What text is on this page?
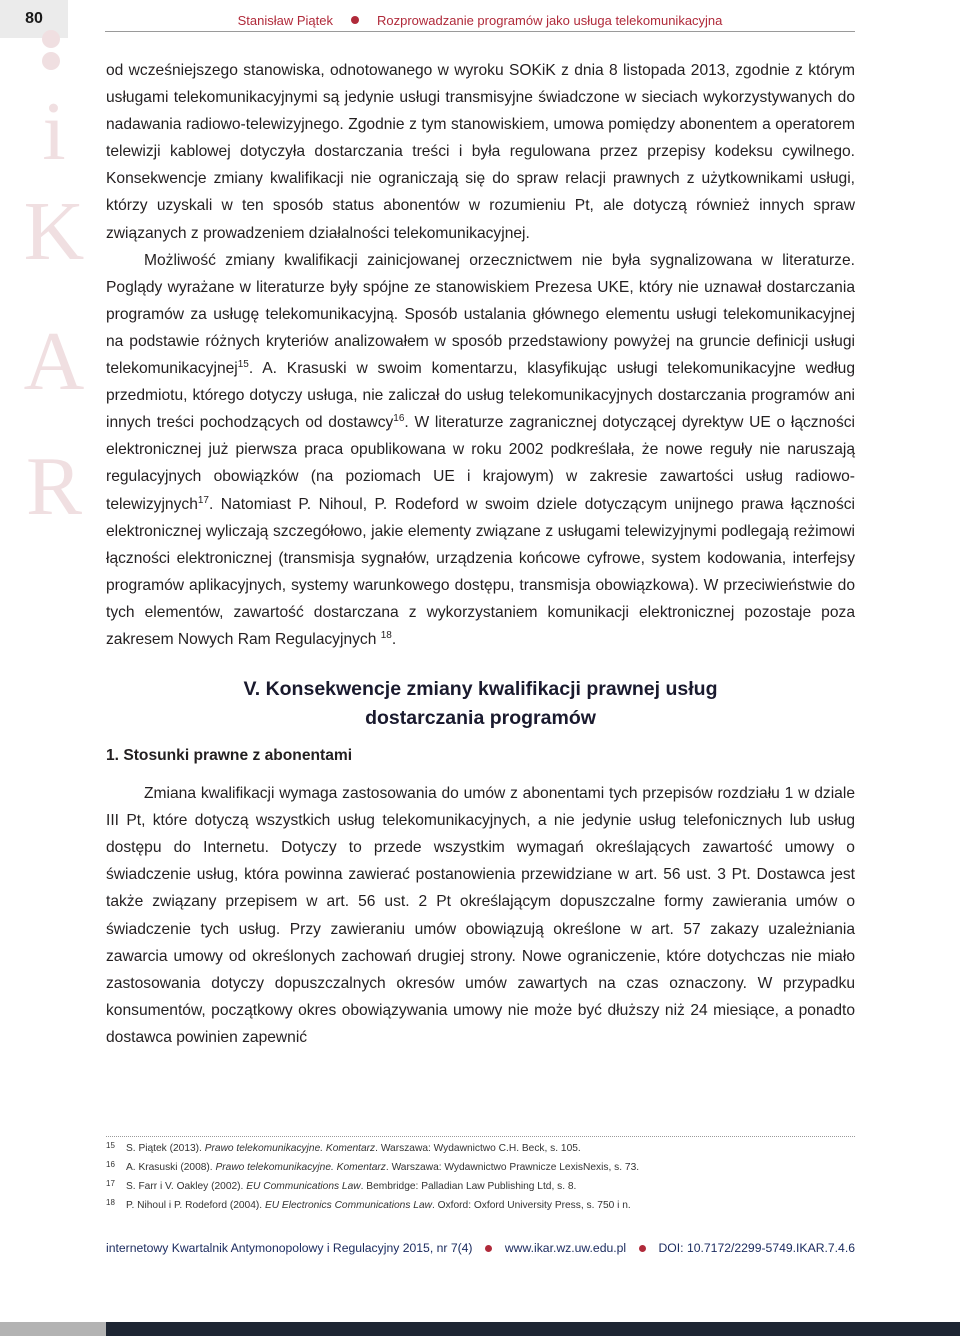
80	Stanisław Piątek	Rozprowadzanie programów jako usługa telekomunikacyjna
i
K
A
R

od wcześniejszego stanowiska, odnotowanego w wyroku SOKiK z dnia 8 listopada 2013, zgodnie z którym usługami telekomunikacyjnymi są jedynie usługi transmisyjne świadczone w sieciach wykorzystywanych do nadawania radiowo-telewizyjnego. Zgodnie z tym stanowiskiem, umowa pomiędzy abonentem a operatorem telewizji kablowej dotyczyła dostarczania treści i była regulowana przez przepisy kodeksu cywilnego. Konsekwencje zmiany kwalifikacji nie ograniczają się do spraw relacji prawnych z użytkownikami usługi, którzy uzyskali w ten sposób status abonentów w rozumieniu Pt, ale dotyczą również innych spraw związanych z prowadzeniem działalności telekomunikacyjnej.

Możliwość zmiany kwalifikacji zainicjowanej orzecznictwem nie była sygnalizowana w literaturze. Poglądy wyrażane w literaturze były spójne ze stanowiskiem Prezesa UKE, który nie uznawał dostarczania programów za usługę telekomunikacyjną. Sposób ustalania głównego elementu usługi telekomunikacyjnej na podstawie różnych kryteriów analizowałem w sposób przedstawiony powyżej na gruncie definicji usługi telekomunikacyjnej$^{15}$. A. Krasuski w swoim komentarzu, klasyfikując usługi telekomunikacyjne według przedmiotu, którego dotyczy usługa, nie zaliczał do usług telekomunikacyjnych dostarczania programów ani innych treści pochodzących od dostawcy$^{16}$. W literaturze zagranicznej dotyczącej dyrektyw UE o łączności elektronicznej już pierwsza praca opublikowana w roku 2002 podkreślała, że nowe reguły nie naruszają regulacyjnych obowiązków (na poziomach UE i krajowym) w zakresie zawartości usług radiowo-telewizyjnych$^{17}$. Natomiast P. Nihoul, P. Rodeford w swoim dziele dotyczącym unijnego prawa łączności elektronicznej wyliczają szczegółowo, jakie elementy związane z usługami telewizyjnymi podlegają reżimowi łączności elektronicznej (transmisja sygnałów, urządzenia końcowe cyfrowe, system kodowania, interfejsy programów aplikacyjnych, systemy warunkowego dostępu, transmisja obowiązkowa). W przeciwieństwie do tych elementów, zawartość dostarczana z wykorzystaniem komunikacji elektronicznej pozostaje poza zakresem Nowych Ram Regulacyjnych $^{18}$.

V. Konsekwencje zmiany kwalifikacji prawnej usług
dostarczania programów
1. Stosunki prawne z abonentami

Zmiana kwalifikacji wymaga zastosowania do umów z abonentami tych przepisów rozdziału 1 w dziale III Pt, które dotyczą wszystkich usług telekomunikacyjnych, a nie jedynie usług telefonicznych lub usług dostępu do Internetu. Dotyczy to przede wszystkim wymagań określających zawartość umowy o świadczenie usług, która powinna zawierać postanowienia przewidziane w art. 56 ust. 3 Pt. Dostawca jest także związany przepisem w art. 56 ust. 2 Pt określającym dopuszczalne formy zawierania umów o świadczenie tych usług. Przy zawieraniu umów obowiązują określone w art. 57 zakazy uzależniania zawarcia umowy od określonych zachowań drugiej strony. Nowe ograniczenie, które dotychczas nie miało zastosowania dotyczy dopuszczalnych okresów umów zawartych na czas oznaczony. W przypadku konsumentów, początkowy okres obowiązywania umowy nie może być dłuższy niż 24 miesiące, a ponadto dostawca powinien zapewnić

15	S. Piątek (2013). Prawo telekomunikacyjne. Komentarz. Warszawa: Wydawnictwo C.H. Beck, s. 105.
16	A. Krasuski (2008). Prawo telekomunikacyjne. Komentarz. Warszawa: Wydawnictwo Prawnicze LexisNexis, s. 73.
17	S. Farr i V. Oakley (2002). EU Communications Law. Bembridge: Palladian Law Publishing Ltd, s. 8.
18	P. Nihoul i P. Rodeford (2004). EU Electronics Communications Law. Oxford: Oxford University Press, s. 750 i n.
internetowy Kwartalnik Antymonopolowy i Regulacyjny 2015, nr 7(4)	www.ikar.wz.uw.edu.pl	DOI: 10.7172/2299-5749.IKAR.7.4.6
